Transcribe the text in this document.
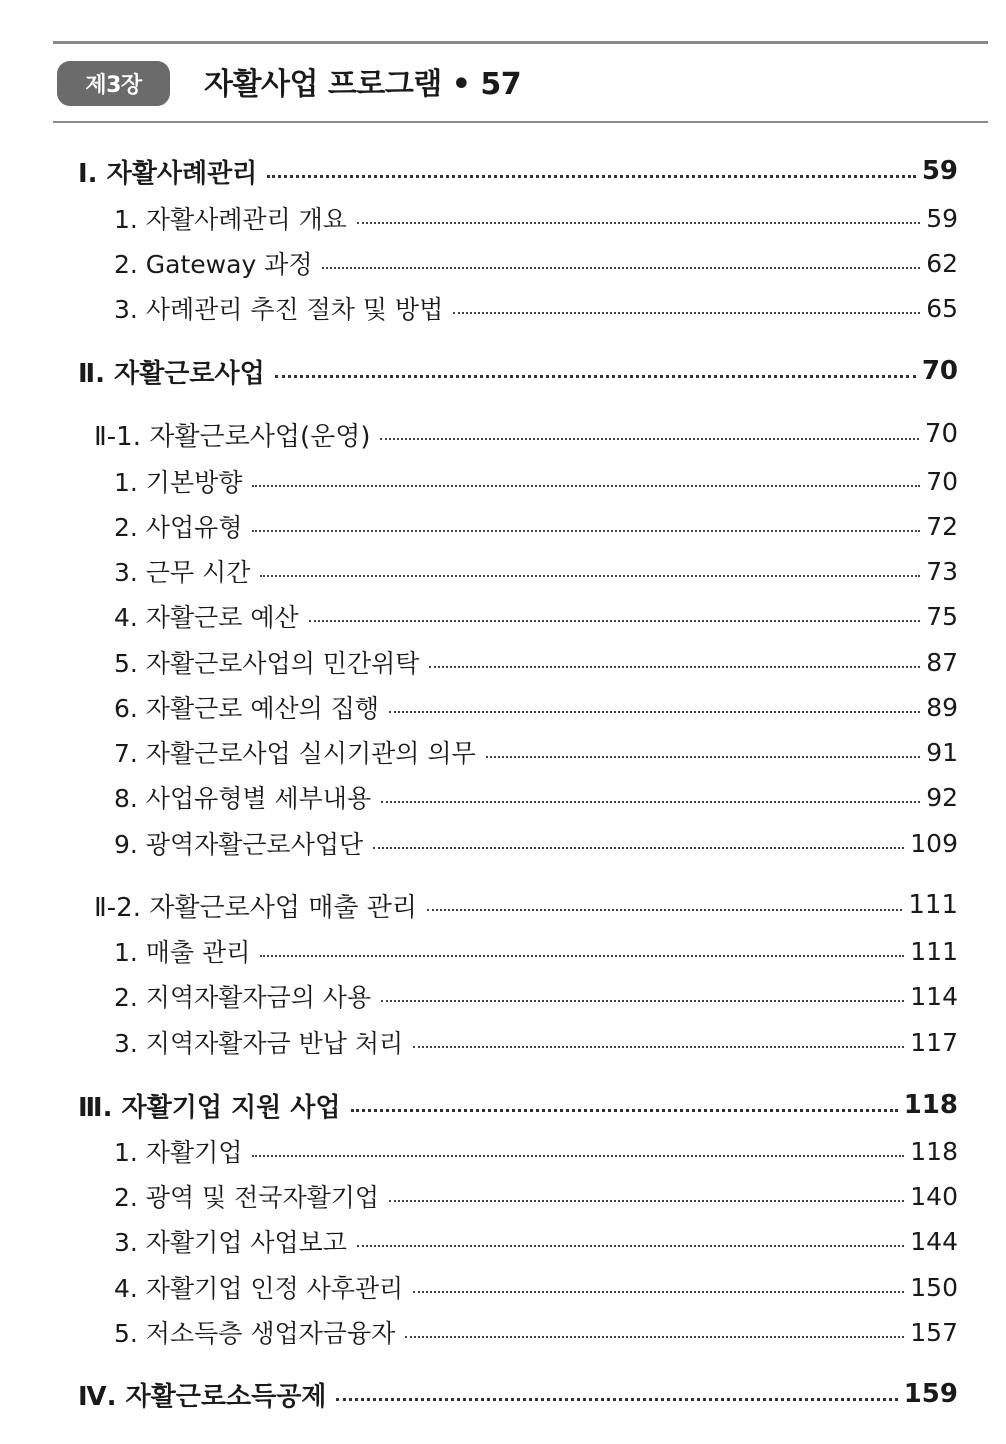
제3장	자활사업 프로그램 • 57
Ⅰ. 자활사례관리	59
1. 자활사례관리 개요	59
2. Gateway 과정	62
3. 사례관리 추진 절차 및 방법	65
Ⅱ. 자활근로사업	70
Ⅱ-1. 자활근로사업(운영)	70
1. 기본방향	70
2. 사업유형	72
3. 근무 시간	73
4. 자활근로 예산	75
5. 자활근로사업의 민간위탁	87
6. 자활근로 예산의 집행	89
7. 자활근로사업 실시기관의 의무	91
8. 사업유형별 세부내용	92
9. 광역자활근로사업단	109
Ⅱ-2. 자활근로사업 매출 관리	111
1. 매출 관리	111
2. 지역자활자금의 사용	114
3. 지역자활자금 반납 처리	117
Ⅲ. 자활기업 지원 사업	118
1. 자활기업	118
2. 광역 및 전국자활기업	140
3. 자활기업 사업보고	144
4. 자활기업 인정 사후관리	150
5. 저소득층 생업자금융자	157
Ⅳ. 자활근로소득공제	159
